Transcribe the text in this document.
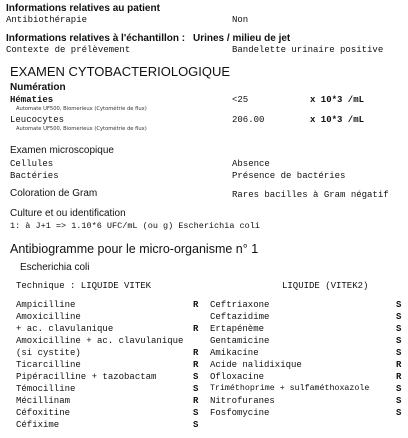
Informations relatives au patient
Antibiothérapie	Non
Informations relatives à l'échantillon : Urines / milieu de jet
Contexte de prélèvement	Bandelette urinaire positive
EXAMEN CYTOBACTERIOLOGIQUE
Numération
Hématies	<25	x 10*3 /mL
Automate UF500, Biomerieux (Cytométrie de flux)
Leucocytes	206.00	x 10*3 /mL
Automate UF500, Biomerieux (Cytométrie de flux)
Examen microscopique
Cellules	Absence
Bactéries	Présence de bactéries
Coloration de Gram	Rares bacilles à Gram négatif
Culture et ou identification
1: à J+1 => 1.10*6 UFC/mL (ou g) Escherichia coli
Antibiogramme pour le micro-organisme n° 1
Escherichia coli
Technique : LIQUIDE VITEK	LIQUIDE (VITEK2)
Ampicilline	R
Amoxicilline
+ ac. clavulanique	R
Amoxicilline + ac. clavulanique
(si cystite)	R
Ticarcilline	R
Pipéracilline + tazobactam	S
Témocilline	S
Mécillinam	R
Céfoxitine	S
Céfixime	S
Ceftriaxone	S
Ceftazidime	S
Ertapénème	S
Gentamicine	S
Amikacine	S
Acide nalidixique	R
Ofloxacine	R
Triméthoprime + sulfaméthoxazole	S
Nitrofuranes	S
Fosfomycine	S
